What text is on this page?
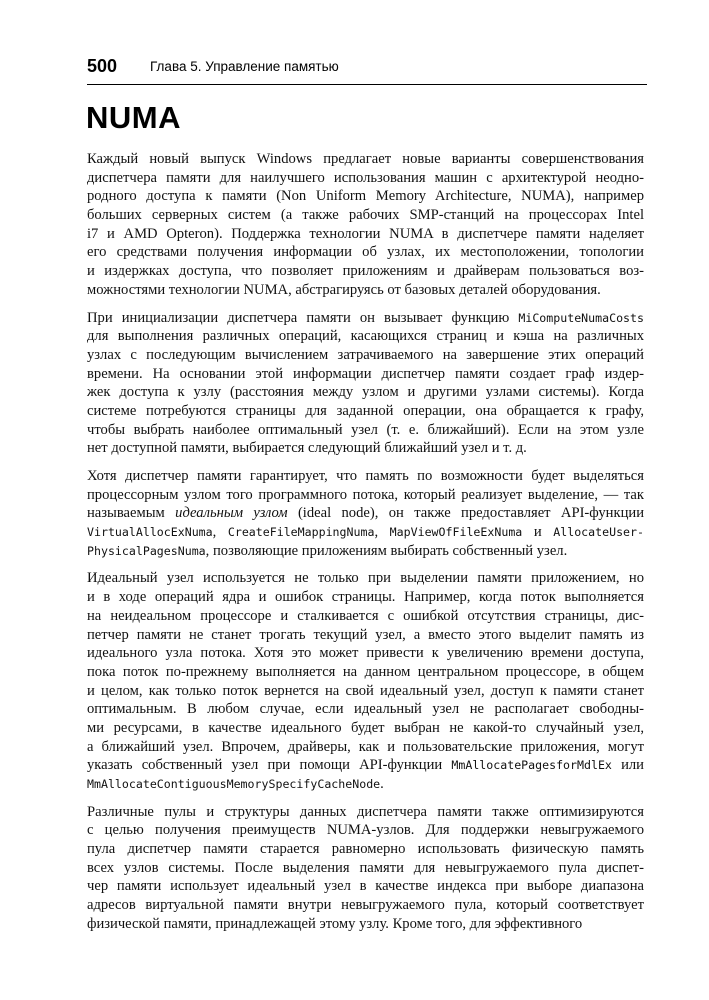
500 Глава 5. Управление памятью
NUMA
Каждый новый выпуск Windows предлагает новые варианты совершенствования
диспетчера памяти для наилучшего использования машин с архитектурой неодно-
родного доступа к памяти (Non Uniform Memory Architecture, NUMA), например
больших серверных систем (а также рабочих SMP-станций на процессорах Intel
i7 и AMD Opteron). Поддержка технологии NUMA в диспетчере памяти наделяет
его средствами получения информации об узлах, их местоположении, топологии
и издержках доступа, что позволяет приложениям и драйверам пользоваться воз-
можностями технологии NUMA, абстрагируясь от базовых деталей оборудования.
При инициализации диспетчера памяти он вызывает функцию MiComputeNumaCosts
для выполнения различных операций, касающихся страниц и кэша на различных
узлах с последующим вычислением затрачиваемого на завершение этих операций
времени. На основании этой информации диспетчер памяти создает граф издер-
жек доступа к узлу (расстояния между узлом и другими узлами системы). Когда
системе потребуются страницы для заданной операции, она обращается к графу,
чтобы выбрать наиболее оптимальный узел (т. е. ближайший). Если на этом узле
нет доступной памяти, выбирается следующий ближайший узел и т. д.
Хотя диспетчер памяти гарантирует, что память по возможности будет выделяться
процессорным узлом того программного потока, который реализует выделение, — так
называемым идеальным узлом (ideal node), он также предоставляет API-функции
VirtualAllocExNuma, CreateFileMappingNuma, MapViewOfFileExNuma и AllocateUser-
PhysicalPagesNuma, позволяющие приложениям выбирать собственный узел.
Идеальный узел используется не только при выделении памяти приложением, но
и в ходе операций ядра и ошибок страницы. Например, когда поток выполняется
на неидеальном процессоре и сталкивается с ошибкой отсутствия страницы, дис-
петчер памяти не станет трогать текущий узел, а вместо этого выделит память из
идеального узла потока. Хотя это может привести к увеличению времени доступа,
пока поток по-прежнему выполняется на данном центральном процессоре, в общем
и целом, как только поток вернется на свой идеальный узел, доступ к памяти станет
оптимальным. В любом случае, если идеальный узел не располагает свободны-
ми ресурсами, в качестве идеального будет выбран не какой-то случайный узел,
а ближайший узел. Впрочем, драйверы, как и пользовательские приложения, могут
указать собственный узел при помощи API-функции MmAllocatePagesforMdlEx или
MmAllocateContiguousMemorySpecifyCacheNode.
Различные пулы и структуры данных диспетчера памяти также оптимизируются
с целью получения преимуществ NUMA-узлов. Для поддержки невыгружаемого
пула диспетчер памяти старается равномерно использовать физическую память
всех узлов системы. После выделения памяти для невыгружаемого пула диспет-
чер памяти использует идеальный узел в качестве индекса при выборе диапазона
адресов виртуальной памяти внутри невыгружаемого пула, который соответствует
физической памяти, принадлежащей этому узлу. Кроме того, для эффективного
